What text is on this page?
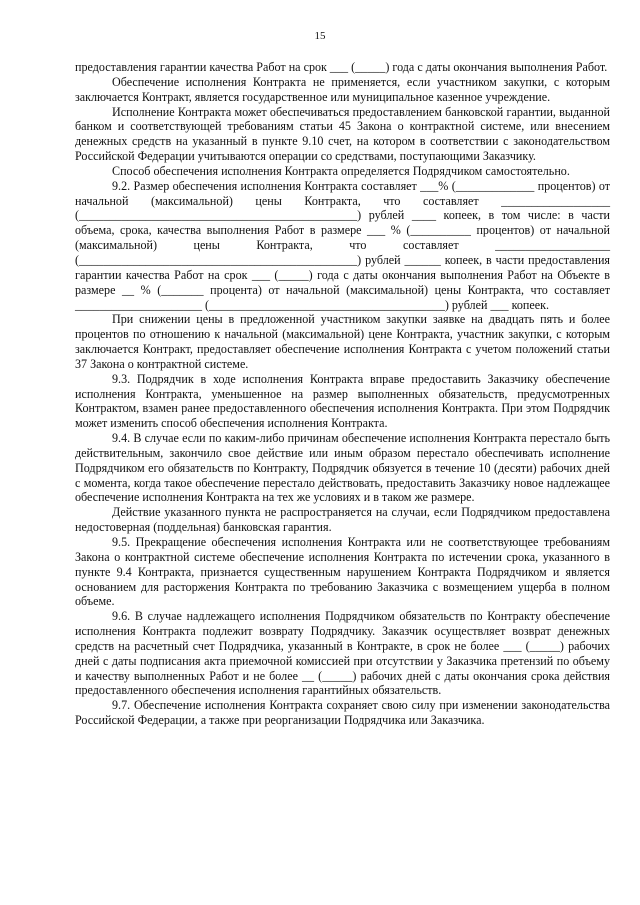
15

предоставления гарантии качества Работ на срок ___ (_____) года с даты окончания выполнения Работ.

Обеспечение исполнения Контракта не применяется, если участником закупки, с которым заключается Контракт, является государственное или муниципальное казенное учреждение.

Исполнение Контракта может обеспечиваться предоставлением банковской гарантии, выданной банком и соответствующей требованиям статьи 45 Закона о контрактной системе, или внесением денежных средств на указанный в пункте 9.10 счет, на котором в соответствии с законодательством Российской Федерации учитываются операции со средствами, поступающими Заказчику.

Способ обеспечения исполнения Контракта определяется Подрядчиком самостоятельно.

9.2. Размер обеспечения исполнения Контракта составляет ___% (_____________ процентов) от начальной (максимальной) цены Контракта, что составляет __________________ (______________________________________________) рублей ____ копеек, в том числе: в части объема, срока, качества выполнения Работ в размере ___ % (__________ процентов) от начальной (максимальной) цены Контракта, что составляет ___________________ (______________________________________________) рублей ______ копеек, в части предоставления гарантии качества Работ на срок ___ (_____) года с даты окончания выполнения Работ на Объекте в размере __ % (_______ процента) от начальной (максимальной) цены Контракта, что составляет _____________________ (_______________________________________) рублей ___ копеек.

При снижении цены в предложенной участником закупки заявке на двадцать пять и более процентов по отношению к начальной (максимальной) цене Контракта, участник закупки, с которым заключается Контракт, предоставляет обеспечение исполнения Контракта с учетом положений статьи 37 Закона о контрактной системе.

9.3. Подрядчик в ходе исполнения Контракта вправе предоставить Заказчику обеспечение исполнения Контракта, уменьшенное на размер выполненных обязательств, предусмотренных Контрактом, взамен ранее предоставленного обеспечения исполнения Контракта. При этом Подрядчик может изменить способ обеспечения исполнения Контракта.

9.4. В случае если по каким-либо причинам обеспечение исполнения Контракта перестало быть действительным, закончило свое действие или иным образом перестало обеспечивать исполнение Подрядчиком его обязательств по Контракту, Подрядчик обязуется в течение 10 (десяти) рабочих дней с момента, когда такое обеспечение перестало действовать, предоставить Заказчику новое надлежащее обеспечение исполнения Контракта на тех же условиях и в таком же размере.

Действие указанного пункта не распространяется на случаи, если Подрядчиком предоставлена недостоверная (поддельная) банковская гарантия.

9.5. Прекращение обеспечения исполнения Контракта или не соответствующее требованиям Закона о контрактной системе обеспечение исполнения Контракта по истечении срока, указанного в пункте 9.4 Контракта, признается существенным нарушением Контракта Подрядчиком и является основанием для расторжения Контракта по требованию Заказчика с возмещением ущерба в полном объеме.

9.6. В случае надлежащего исполнения Подрядчиком обязательств по Контракту обеспечение исполнения Контракта подлежит возврату Подрядчику. Заказчик осуществляет возврат денежных средств на расчетный счет Подрядчика, указанный в Контракте, в срок не более ___ (_____) рабочих дней с даты подписания акта приемочной комиссией при отсутствии у Заказчика претензий по объему и качеству выполненных Работ и не более __ (_____) рабочих дней с даты окончания срока действия предоставленного обеспечения исполнения гарантийных обязательств.

9.7. Обеспечение исполнения Контракта сохраняет свою силу при изменении законодательства Российской Федерации, а также при реорганизации Подрядчика или Заказчика.
